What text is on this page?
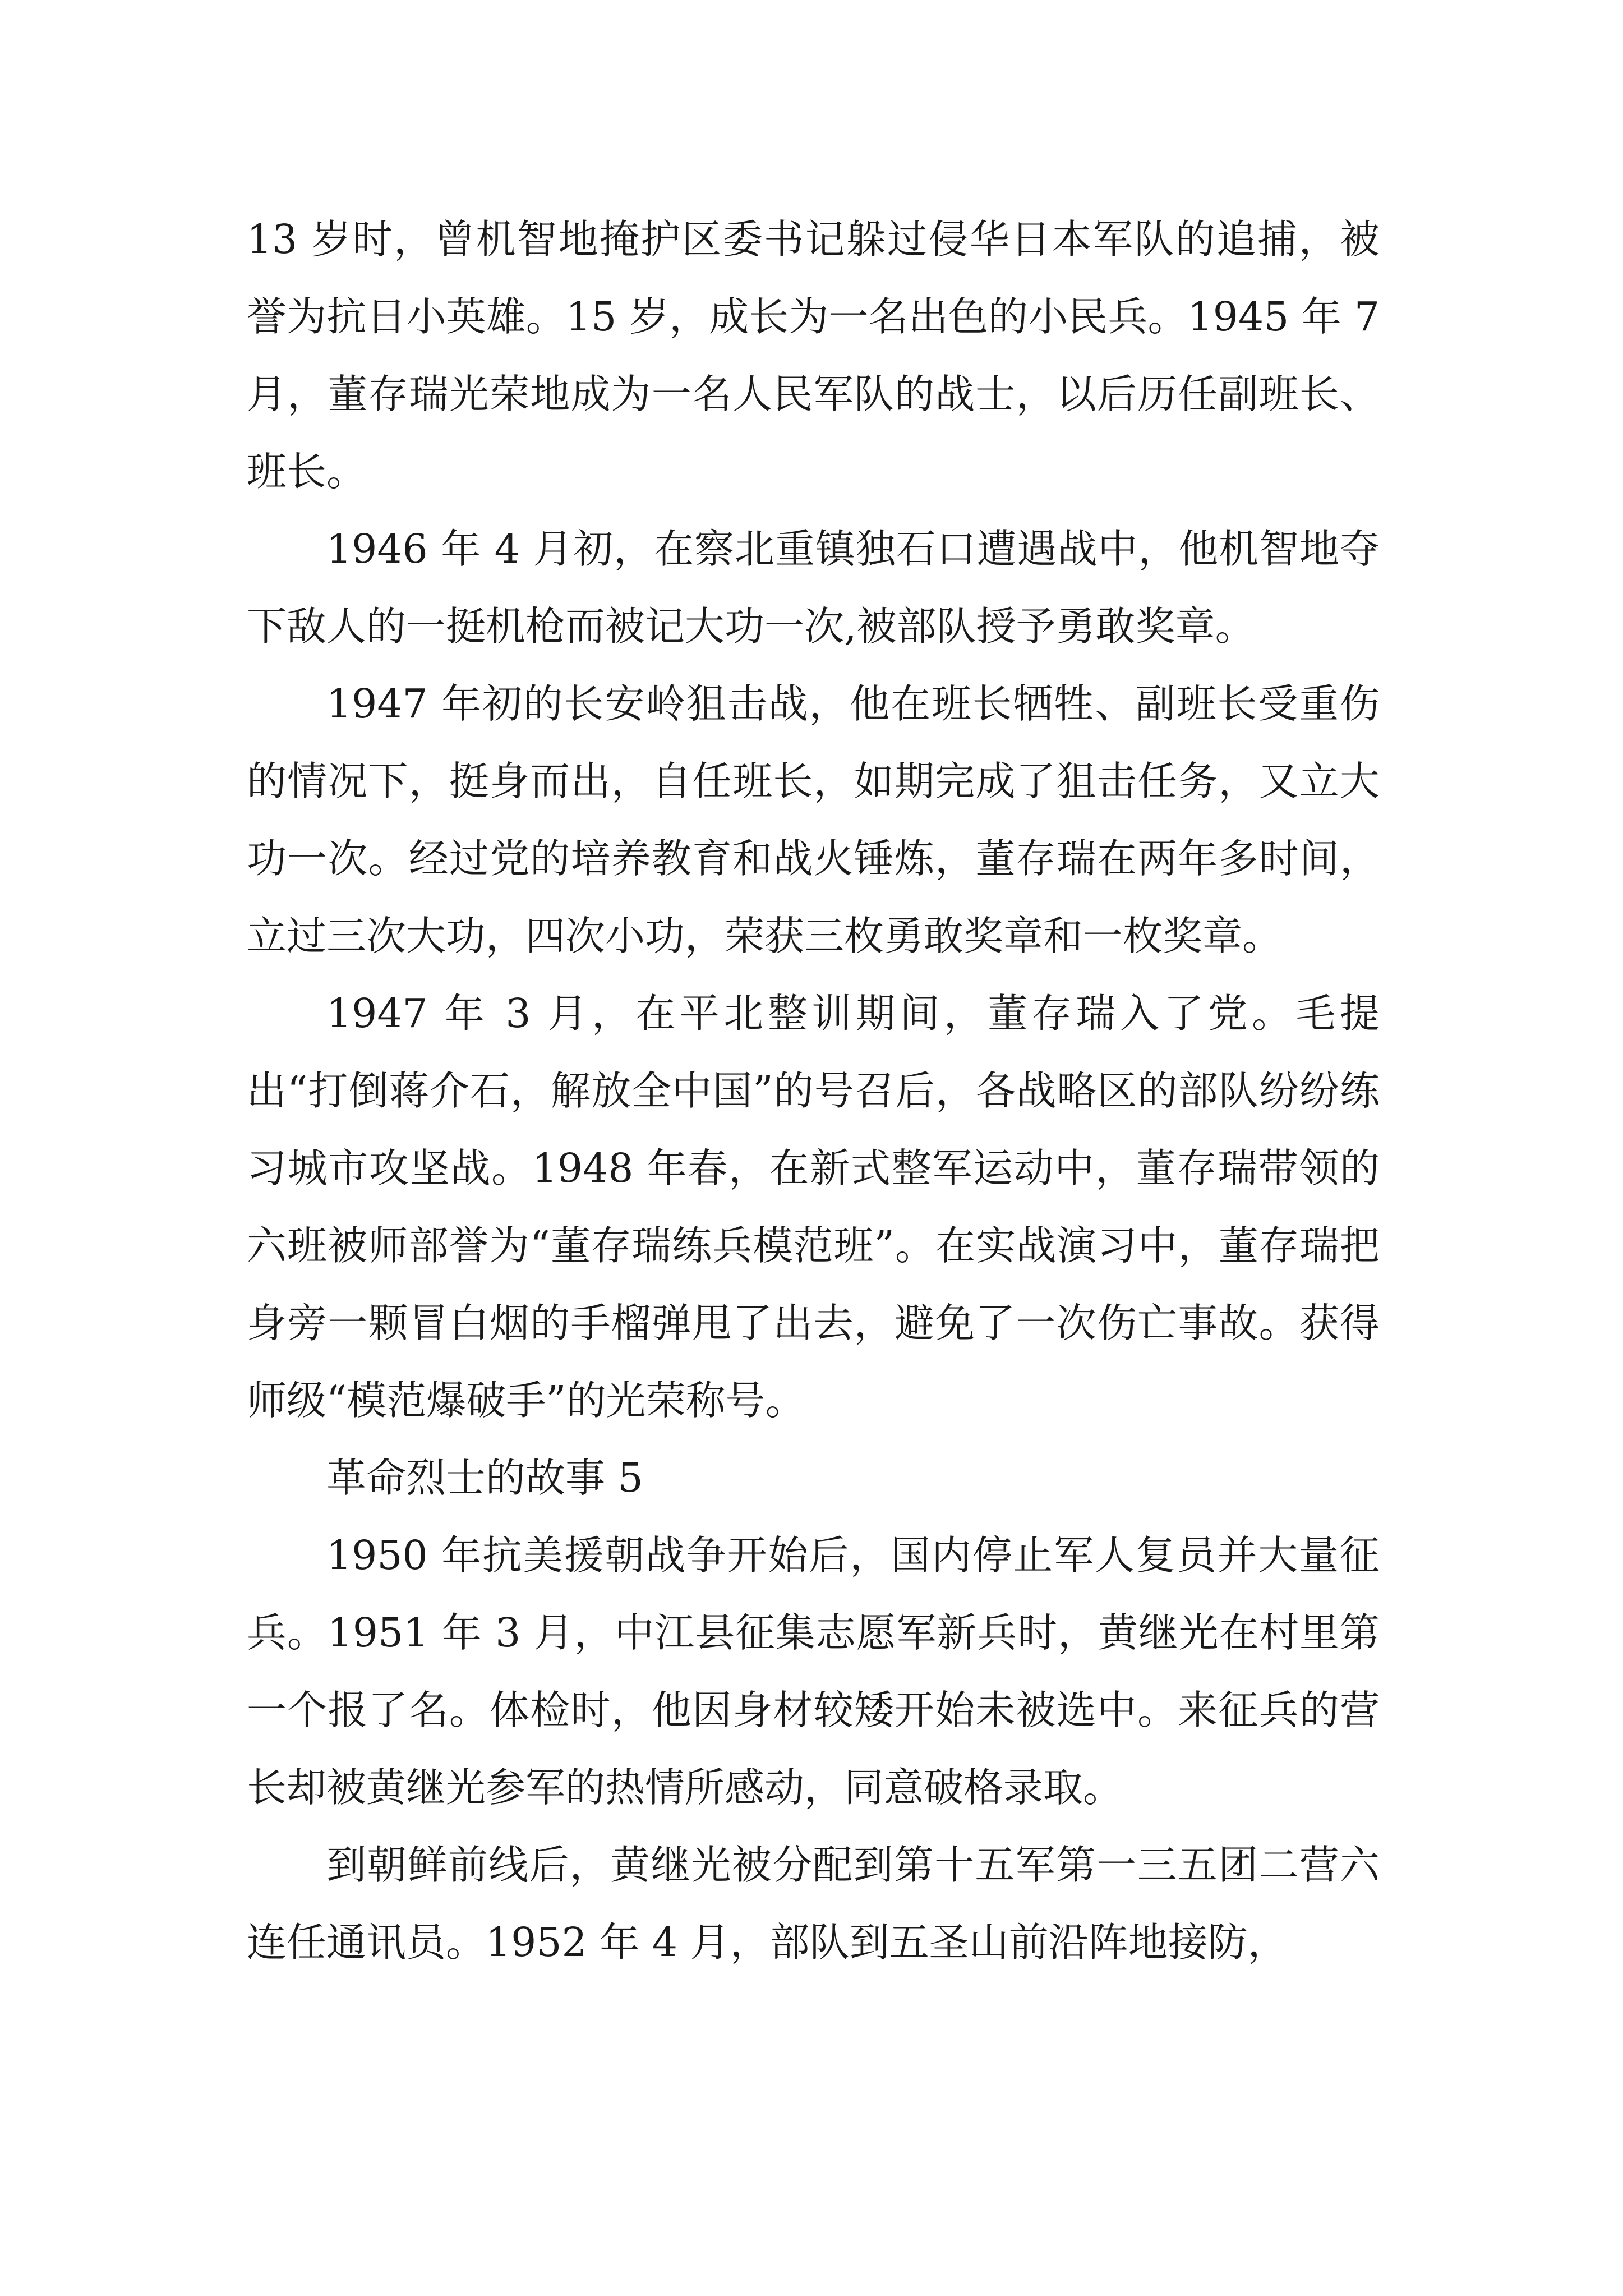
13 岁时，曾机智地掩护区委书记躲过侵华日本军队的追捕，被誉为抗日小英雄。15 岁，成长为一名出色的小民兵。1945 年 7 月，董存瑞光荣地成为一名人民军队的战士，以后历任副班长、班长。

1946 年 4 月初，在察北重镇独石口遭遇战中，他机智地夺下敌人的一挺机枪而被记大功一次,被部队授予勇敢奖章。

1947 年初的长安岭狙击战，他在班长牺牲、副班长受重伤的情况下，挺身而出，自任班长，如期完成了狙击任务，又立大功一次。经过党的培养教育和战火锤炼，董存瑞在两年多时间，立过三次大功，四次小功，荣获三枚勇敢奖章和一枚奖章。

1947 年 3 月，在平北整训期间，董存瑞入了党。毛提出“打倒蒋介石，解放全中国”的号召后，各战略区的部队纷纷练习城市攻坚战。1948 年春，在新式整军运动中，董存瑞带领的六班被师部誉为“董存瑞练兵模范班”。在实战演习中，董存瑞把身旁一颗冒白烟的手榴弹甩了出去，避免了一次伤亡事故。获得师级“模范爆破手”的光荣称号。

革命烈士的故事 5

1950 年抗美援朝战争开始后，国内停止军人复员并大量征兵。1951 年 3 月，中江县征集志愿军新兵时，黄继光在村里第一个报了名。体检时，他因身材较矮开始未被选中。来征兵的营长却被黄继光参军的热情所感动，同意破格录取。

到朝鲜前线后，黄继光被分配到第十五军第一三五团二营六连任通讯员。1952 年 4 月，部队到五圣山前沿阵地接防，
